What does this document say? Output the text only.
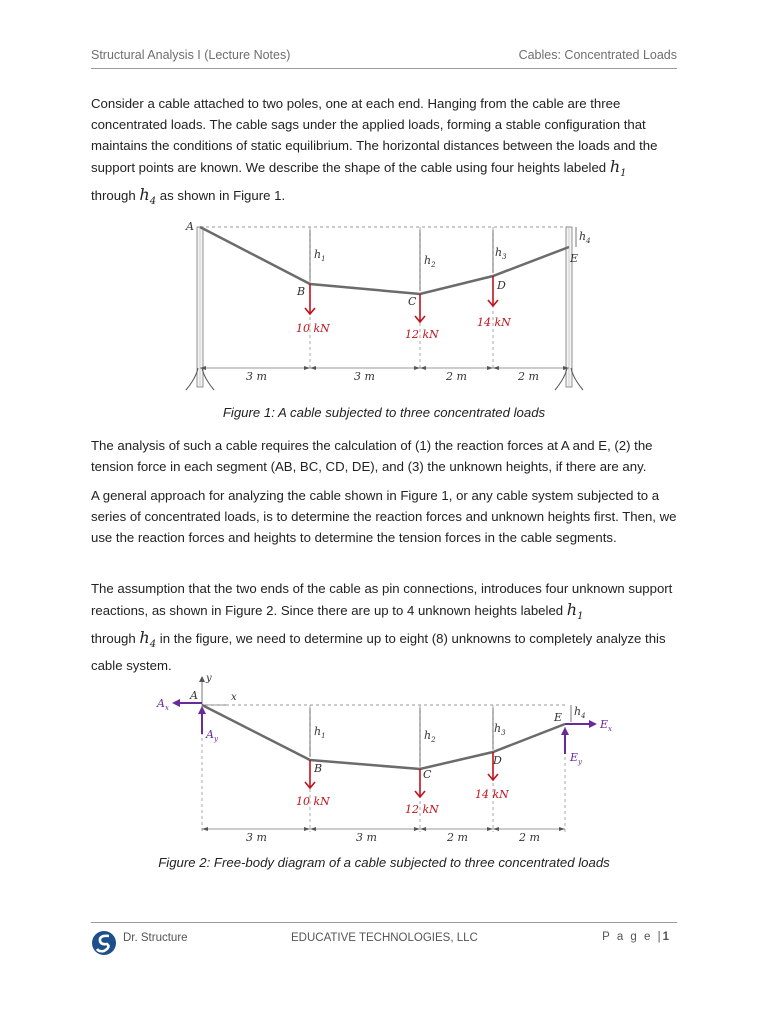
Structural Analysis I (Lecture Notes)	Cables: Concentrated Loads

Consider a cable attached to two poles, one at each end. Hanging from the cable are three concentrated loads. The cable sags under the applied loads, forming a stable configuration that maintains the conditions of static equilibrium. The horizontal distances between the loads and the support points are known. We describe the shape of the cable using four heights labeled $h_1$
through $h_4$ as shown in Figure 1.

$h_1$	$h_2$
$h_3$
$h_4$
A
B
C
D
E
10 kN	12 kN
14 kN
3 m	3 m	2 m	2 m
Figure 1: A cable subjected to three concentrated loads

The analysis of such a cable requires the calculation of (1) the reaction forces at A and E, (2) the tension force in each segment (AB, BC, CD, DE), and (3) the unknown heights, if there are any.

A general approach for analyzing the cable shown in Figure 1, or any cable system subjected to a series of concentrated loads, is to determine the reaction forces and unknown heights first. Then, we use the reaction forces and heights to determine the tension forces in the cable segments.

The assumption that the two ends of the cable as pin connections, introduces four unknown support reactions, as shown in Figure 2. Since there are up to 4 unknown heights labeled $h_1$
through $h_4$ in the figure, we need to determine up to eight (8) unknowns to completely analyze this cable system.

y
x
$h_1$	$h_2$
$h_3$
$h_4$
A
B	C
D
E
10 kN
12 kN
14 kN
$A_x$
$A_y$
$E_x$
$E_y$
3 m	3 m	2 m	2 m
Figure 2: Free-body diagram of a cable subjected to three concentrated loads
Dr. Structure	EDUCATIVE TECHNOLOGIES, LLC	P a g e |1
